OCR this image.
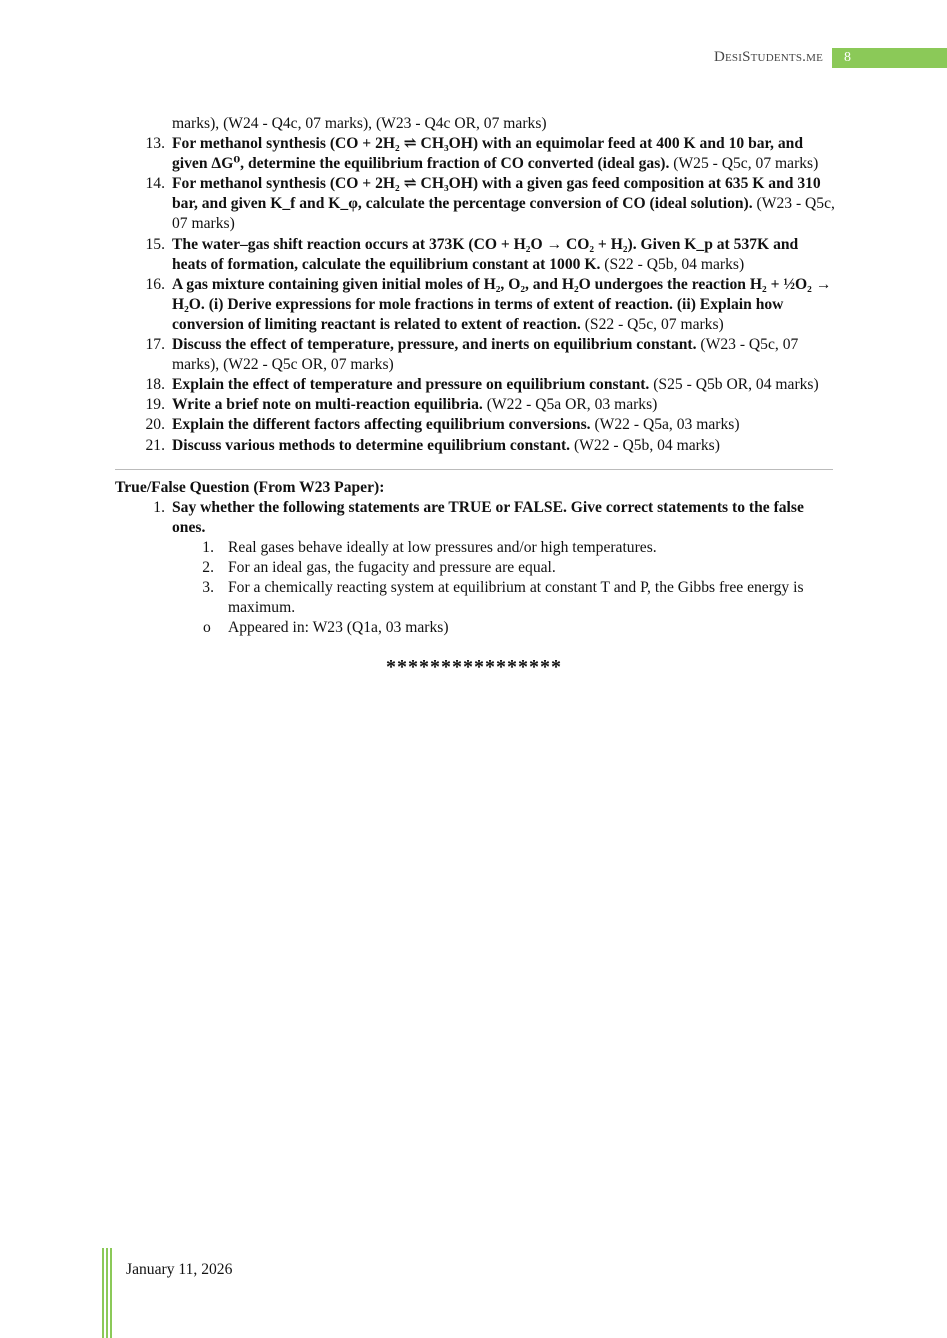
DesiStudents.me	8
marks), (W24 - Q4c, 07 marks), (W23 - Q4c OR, 07 marks)
13. For methanol synthesis (CO + 2H₂ ⇌ CH₃OH) with an equimolar feed at 400 K and 10 bar, and given ΔG⁰, determine the equilibrium fraction of CO converted (ideal gas). (W25 - Q5c, 07 marks)
14. For methanol synthesis (CO + 2H₂ ⇌ CH₃OH) with a given gas feed composition at 635 K and 310 bar, and given K_f and K_φ, calculate the percentage conversion of CO (ideal solution). (W23 - Q5c, 07 marks)
15. The water–gas shift reaction occurs at 373K (CO + H₂O → CO₂ + H₂). Given K_p at 537K and heats of formation, calculate the equilibrium constant at 1000 K. (S22 - Q5b, 04 marks)
16. A gas mixture containing given initial moles of H₂, O₂, and H₂O undergoes the reaction H₂ + ½O₂ → H₂O. (i) Derive expressions for mole fractions in terms of extent of reaction. (ii) Explain how conversion of limiting reactant is related to extent of reaction. (S22 - Q5c, 07 marks)
17. Discuss the effect of temperature, pressure, and inerts on equilibrium constant. (W23 - Q5c, 07 marks), (W22 - Q5c OR, 07 marks)
18. Explain the effect of temperature and pressure on equilibrium constant. (S25 - Q5b OR, 04 marks)
19. Write a brief note on multi-reaction equilibria. (W22 - Q5a OR, 03 marks)
20. Explain the different factors affecting equilibrium conversions. (W22 - Q5a, 03 marks)
21. Discuss various methods to determine equilibrium constant. (W22 - Q5b, 04 marks)
True/False Question (From W23 Paper):
1. Say whether the following statements are TRUE or FALSE. Give correct statements to the false ones.
1. Real gases behave ideally at low pressures and/or high temperatures.
2. For an ideal gas, the fugacity and pressure are equal.
3. For a chemically reacting system at equilibrium at constant T and P, the Gibbs free energy is maximum.
o Appeared in: W23 (Q1a, 03 marks)
****************
January 11, 2026
